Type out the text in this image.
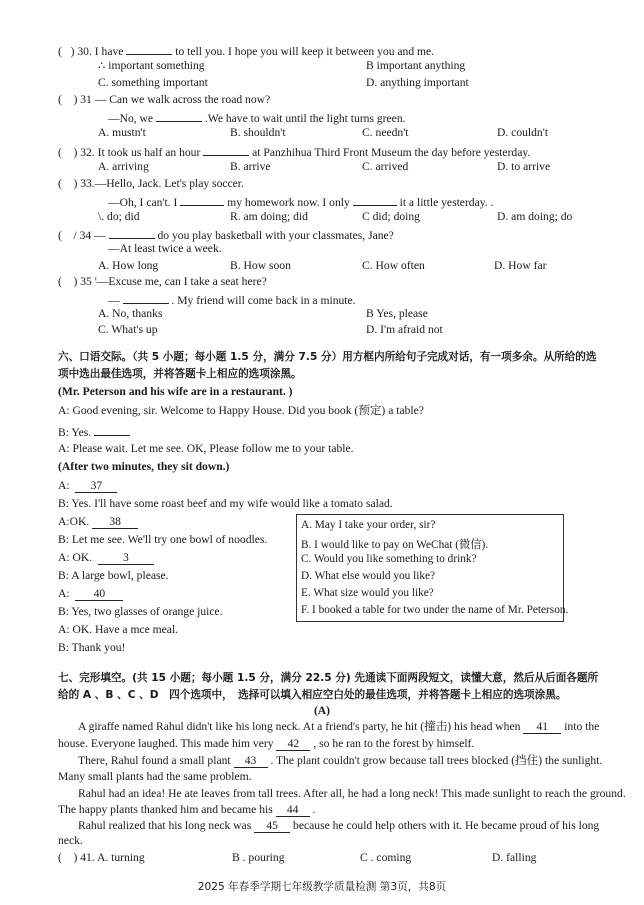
( ) 30. I have	to tell you. I hope you will keep it between you and me.
∴ important something	B important anything
C. something important	D. anything important
(　) 31 — Can we walk across the road now?
—No, we	.We have to wait until the light turns green.
A. mustn't	B. shouldn't	C. needn't	D. couldn't
(　) 32. It took us half an hour	at Panzhihua Third Front Museum the day before yesterday.
A. arriving	B. arrive	C. arrived	D. to arrive
(　) 33.—Hello, Jack. Let's play soccer.
—Oh, I can't. I	my homework now. I only	it a little yesterday. .
\. do; did	R. am doing; did	C did; doing	D. am doing; do
(　/ 34 —	do you play basketball with your classmates, Jane?
—At least twice a week.
A. How long	B. How soon	C. How often	D. How far
(　) 35 '—Excuse me, can I take a seat here?
—	. My friend will come back in a minute.
A. No, thanks	B Yes, please
C. What's up	D. I'm afraid not
六、口语交际。（共 5 小题；每小题 1.5 分，满分 7.5 分）用方框内所给句子完成对话，有一项多余。从所给的选
项中选出最佳选项，并将答题卡上相应的选项涂黑。
(Mr. Peterson and his wife are in a restaurant. )
A: Good evening, sir. Welcome to Happy House. Did you book (预定) a table?
B: Yes.
A: Please wait. Let me see. OK, Please follow me to your table.
(After two minutes, they sit down.)
A: 37
B: Yes. I'll have some roast beef and my wife would like a tomato salad.
A:OK. 38
B: Let me see. We'll try one bowl of noodles.
A: OK.	3
B: A large bowl, please.
A: 40
B: Yes, two glasses of orange juice.
A: OK. Have a mce meal.
B: Thank you!
A. May I take your order, sir?
B. I would like to pay on WeChat (微信).
C. Would you like something to drink?
D. What else would you like?
E. What size would you like?
F. I booked a table for two under the name of Mr. Peterson.
七、完形填空。(共 15 小题；每小题 1.5 分，满分 22.5 分) 先通读下面两段短文，读懂大意，然后从后面各题所
给的 A 、B 、C 、D　四个选项中，　选择可以填入相应空白处的最佳选项，并将答题卡上相应的选项涂黑。
(A)
A giraffe named Rahul didn't like his long neck. At a friend's party, he hit (撞击) his head when 41 into the
house. Everyone laughed. This made him very 42 , so he ran to the forest by himself.
There, Rahul found a small plant 43 . The plant couldn't grow because tall trees blocked (挡住) the sunlight.
Many small plants had the same problem.
Rahul had an idea! He ate leaves from tall trees. After all, he had a long neck! This made sunlight to reach the ground.
The happy plants thanked him and became his 44 .
Rahul realized that his long neck was 45 because he could help others with it. He became proud of his long
neck.
(　) 41. A. turning	B . pouring	C . coming	D. falling
2025 年春季学期七年级教学质量检测 第3页，共8页
